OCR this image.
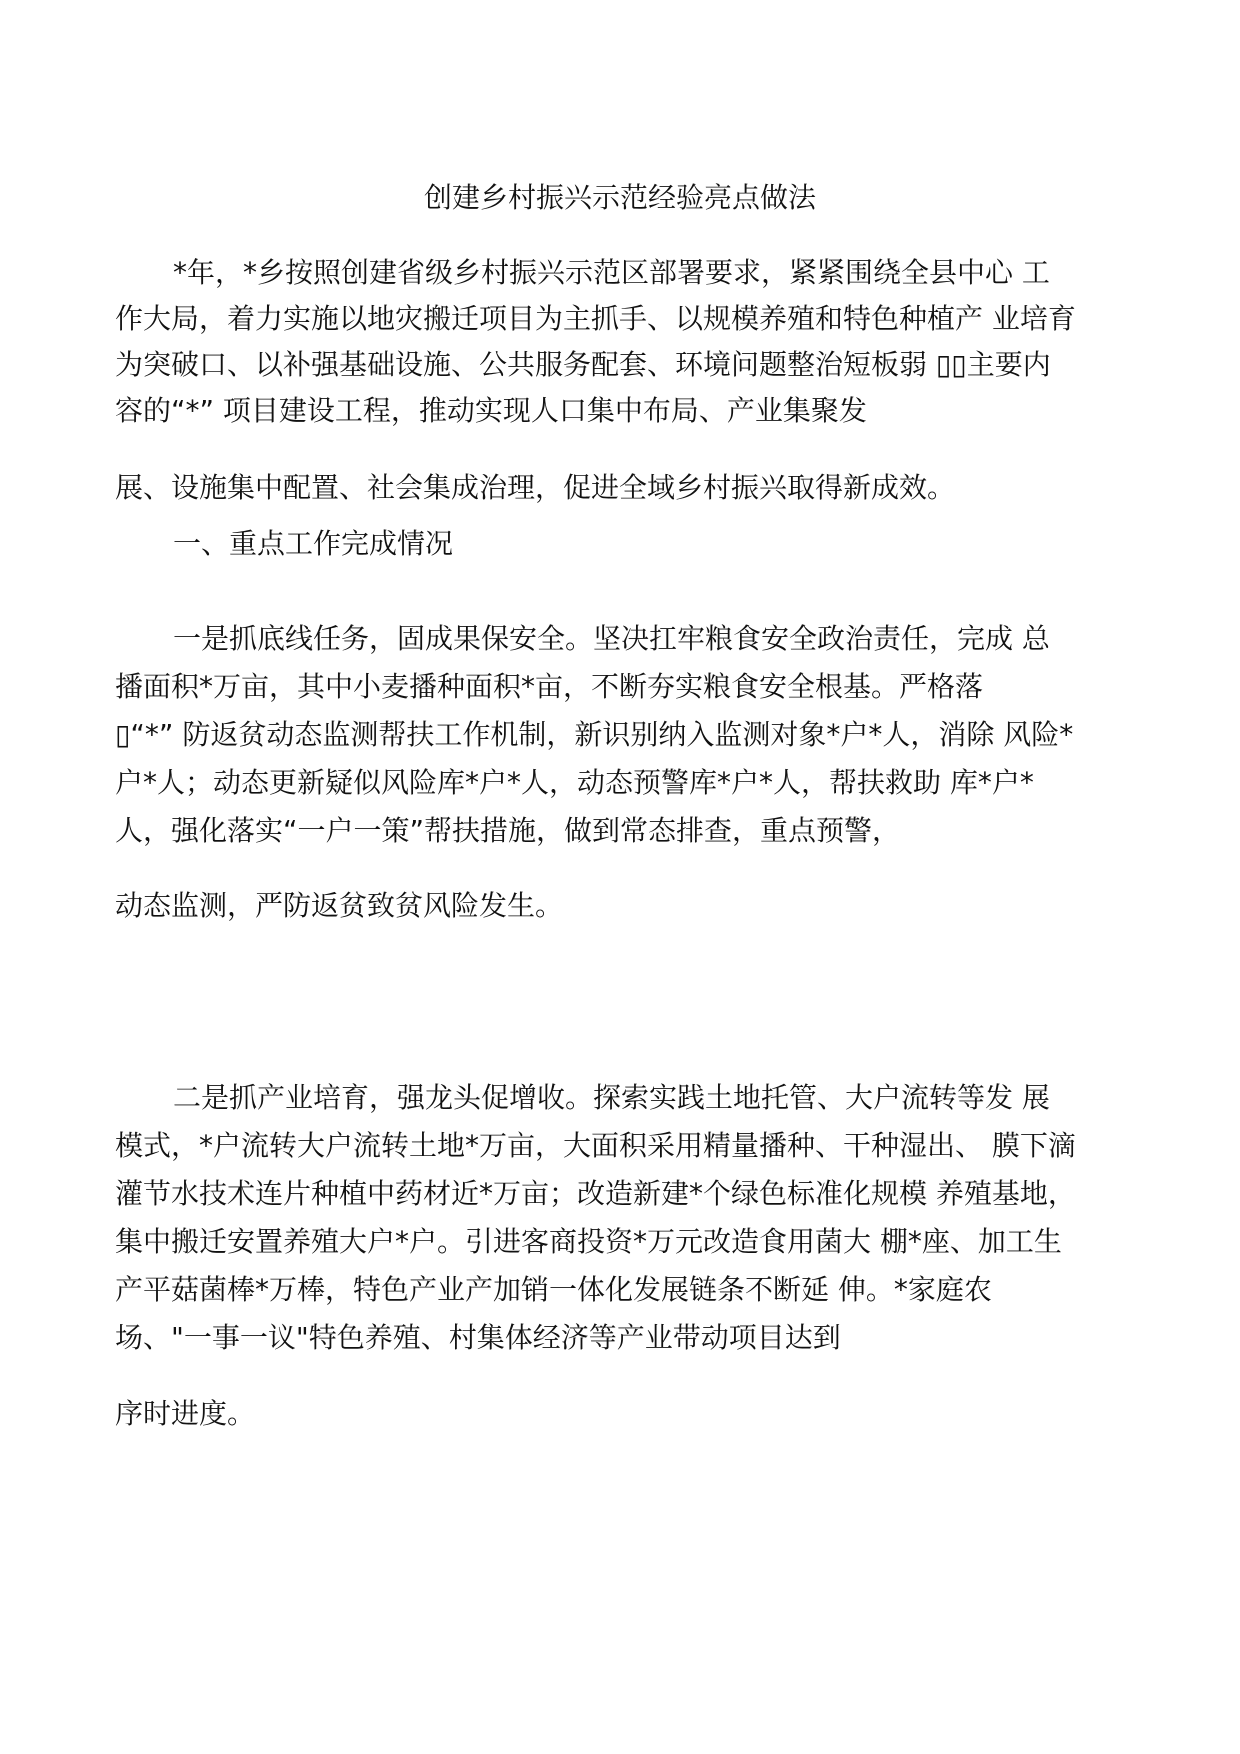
创建乡村振兴示范经验亮点做法
*年，*乡按照创建省级乡村振兴示范区部署要求，紧紧围绕全县中心 工
作大局，着力实施以地灾搬迁项目为主抓手、以规模养殖和特色种植产 业培育
为突破口、以补强基础设施、公共服务配套、环境问题整治短板弱 ▯▯主要内
容的“*” 项目建设工程，推动实现人口集中布局、产业集聚发
展、设施集中配置、社会集成治理，促进全域乡村振兴取得新成效。
一、重点工作完成情况
一是抓底线任务，固成果保安全。坚决扛牢粮食安全政治责任，完成 总
播面积*万亩，其中小麦播种面积*亩，不断夯实粮食安全根基。严格落
▯“*” 防返贫动态监测帮扶工作机制，新识别纳入监测对象*户*人，消除 风险*
户*人；动态更新疑似风险库*户*人，动态预警库*户*人，帮扶救助 库*户*
人，强化落实“一户一策”帮扶措施，做到常态排查，重点预警，
动态监测，严防返贫致贫风险发生。
二是抓产业培育，强龙头促增收。探索实践土地托管、大户流转等发 展
模式，*户流转大户流转土地*万亩，大面积采用精量播种、干种湿出、 膜下滴
灌节水技术连片种植中药材近*万亩；改造新建*个绿色标准化规模 养殖基地，
集中搬迁安置养殖大户*户。引进客商投资*万元改造食用菌大 棚*座、加工生
产平菇菌棒*万棒，特色产业产加销一体化发展链条不断延 伸。*家庭农
场、"一事一议"特色养殖、村集体经济等产业带动项目达到
序时进度。
